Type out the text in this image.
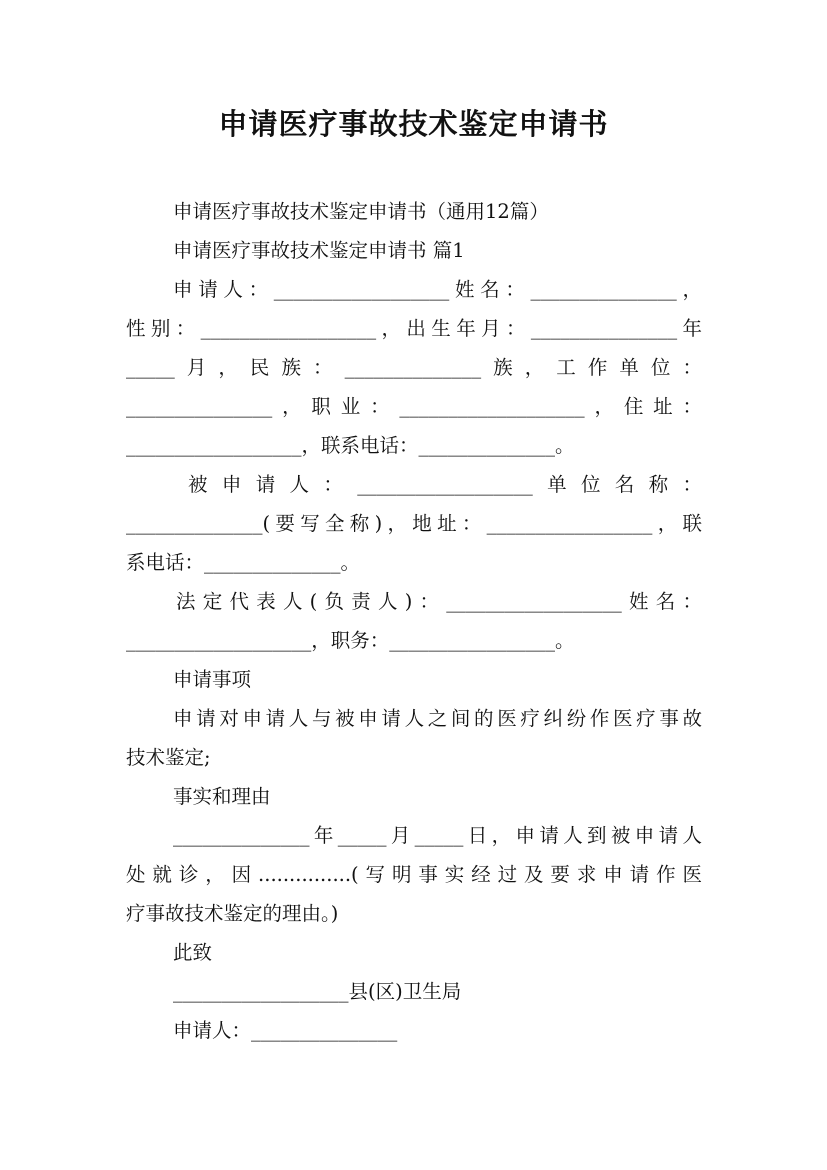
申请医疗事故技术鉴定申请书
申请医疗事故技术鉴定申请书（通用12篇）
申请医疗事故技术鉴定申请书 篇1
申请人：__________________姓名：_______________，
性别：__________________，出生年月：_______________年
_____月，民族：______________族，工作单位：
_______________，职业：___________________，住址：
__________________，联系电话：______________。
被申请人：__________________单位名称：
______________(要写全称)，地址：_________________，联
系电话：______________。
法定代表人(负责人)：__________________姓名：
___________________，职务：_________________。
申请事项
申请对申请人与被申请人之间的医疗纠纷作医疗事故
技术鉴定;
事实和理由
______________年_____月_____日，申请人到被申请人
处就诊，因...............(写明事实经过及要求申请作医
疗事故技术鉴定的理由。)
此致
__________________县(区)卫生局
申请人：_______________
